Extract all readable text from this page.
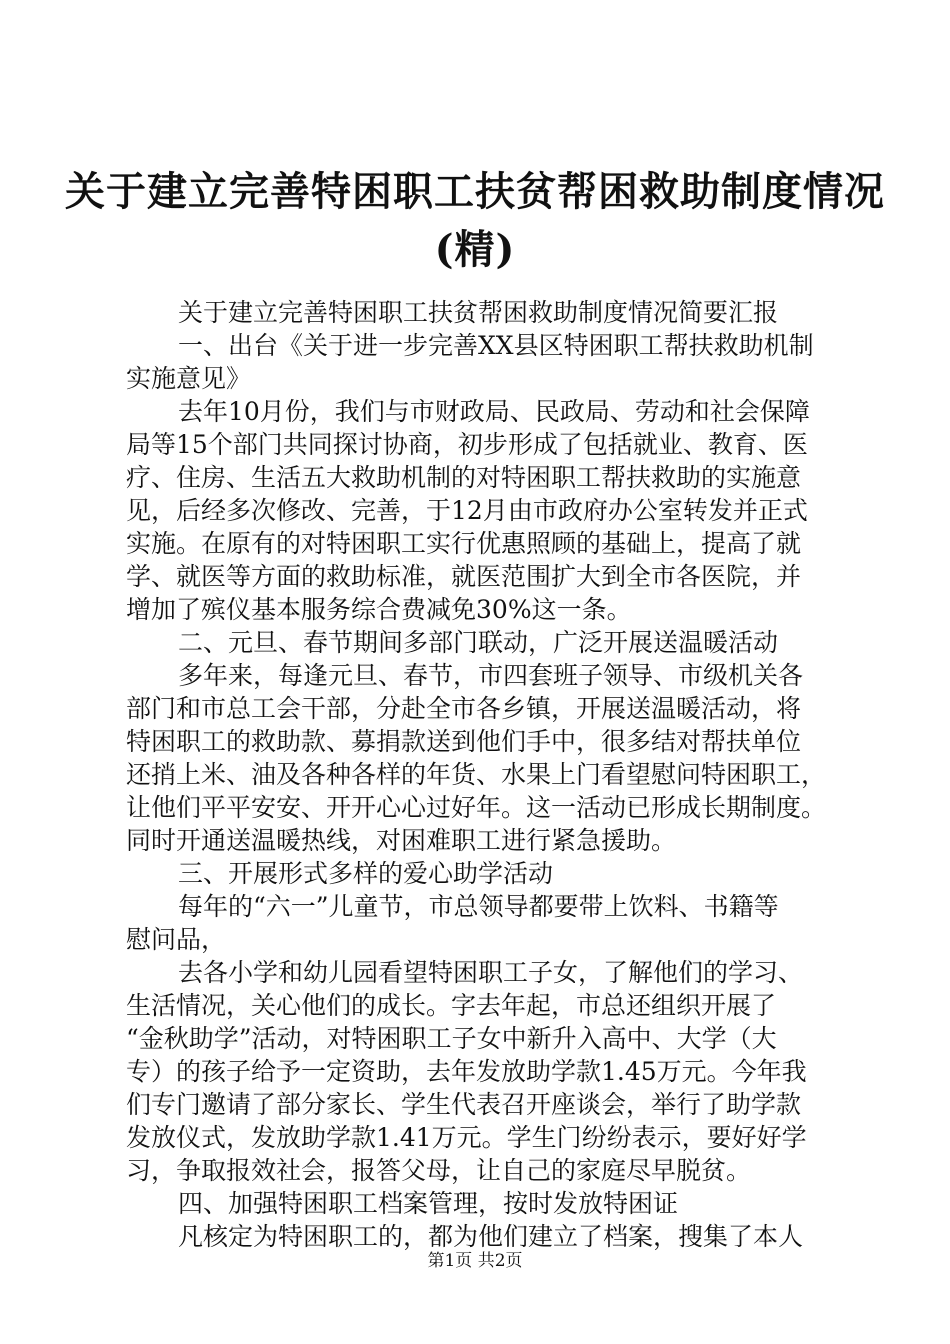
关于建立完善特困职工扶贫帮困救助制度情况
(精)
关于建立完善特困职工扶贫帮困救助制度情况简要汇报
一、出台《关于进一步完善XX县区特困职工帮扶救助机制
实施意见》
去年10月份，我们与市财政局、民政局、劳动和社会保障
局等15个部门共同探讨协商，初步形成了包括就业、教育、医
疗、住房、生活五大救助机制的对特困职工帮扶救助的实施意
见，后经多次修改、完善，于12月由市政府办公室转发并正式
实施。在原有的对特困职工实行优惠照顾的基础上，提高了就
学、就医等方面的救助标准，就医范围扩大到全市各医院，并
增加了殡仪基本服务综合费减免30%这一条。
二、元旦、春节期间多部门联动，广泛开展送温暖活动
多年来，每逢元旦、春节，市四套班子领导、市级机关各
部门和市总工会干部，分赴全市各乡镇，开展送温暖活动，将
特困职工的救助款、募捐款送到他们手中，很多结对帮扶单位
还捎上米、油及各种各样的年货、水果上门看望慰问特困职工，
让他们平平安安、开开心心过好年。这一活动已形成长期制度。
同时开通送温暖热线，对困难职工进行紧急援助。
三、开展形式多样的爱心助学活动
每年的“六一”儿童节，市总领导都要带上饮料、书籍等
慰问品，
去各小学和幼儿园看望特困职工子女，了解他们的学习、
生活情况，关心他们的成长。字去年起，市总还组织开展了
“金秋助学”活动，对特困职工子女中新升入高中、大学（大
专）的孩子给予一定资助，去年发放助学款1.45万元。今年我
们专门邀请了部分家长、学生代表召开座谈会，举行了助学款
发放仪式，发放助学款1.41万元。学生门纷纷表示，要好好学
习，争取报效社会，报答父母，让自己的家庭尽早脱贫。
四、加强特困职工档案管理，按时发放特困证
凡核定为特困职工的，都为他们建立了档案，搜集了本人
第1页 共2页
